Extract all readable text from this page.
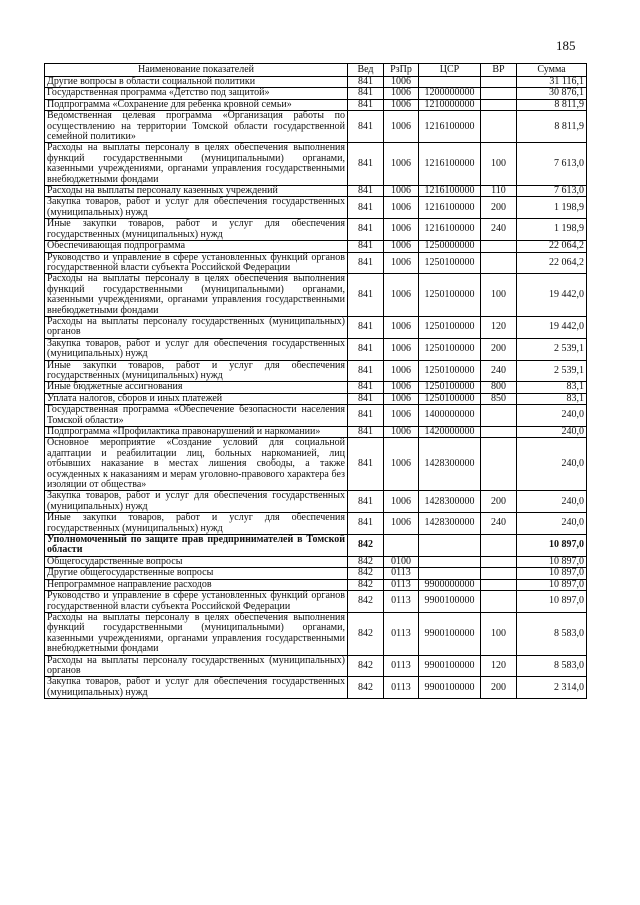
185
Наименование показателей	Вед	РзПр	ЦСР	ВР	Сумма
Другие вопросы в области социальной политики	841	1006			31 116,1
Государственная программа «Детство под защитой»	841	1006	1200000000		30 876,1
Подпрограмма «Сохранение для ребенка кровной семьи»	841	1006	1210000000		8 811,9
Ведомственная целевая программа «Организация работы по осуществлению на территории Томской области государственной семейной политики»	841	1006	1216100000		8 811,9
Расходы на выплаты персоналу в целях обеспечения выполнения функций государственными (муниципальными) органами, казенными учреждениями, органами управления государственными внебюджетными фондами	841	1006	1216100000	100	7 613,0
Расходы на выплаты персоналу казенных учреждений	841	1006	1216100000	110	7 613,0
Закупка товаров, работ и услуг для обеспечения государственных (муниципальных) нужд	841	1006	1216100000	200	1 198,9
Иные закупки товаров, работ и услуг для обеспечения государственных (муниципальных) нужд	841	1006	1216100000	240	1 198,9
Обеспечивающая подпрограмма	841	1006	1250000000		22 064,2
Руководство и управление в сфере установленных функций органов государственной власти субъекта Российской Федерации	841	1006	1250100000		22 064,2
Расходы на выплаты персоналу в целях обеспечения выполнения функций государственными (муниципальными) органами, казенными учреждениями, органами управления государственными внебюджетными фондами	841	1006	1250100000	100	19 442,0
Расходы на выплаты персоналу государственных (муниципальных) органов	841	1006	1250100000	120	19 442,0
Закупка товаров, работ и услуг для обеспечения государственных (муниципальных) нужд	841	1006	1250100000	200	2 539,1
Иные закупки товаров, работ и услуг для обеспечения государственных (муниципальных) нужд	841	1006	1250100000	240	2 539,1
Иные бюджетные ассигнования	841	1006	1250100000	800	83,1
Уплата налогов, сборов и иных платежей	841	1006	1250100000	850	83,1
Государственная программа «Обеспечение безопасности населения Томской области»	841	1006	1400000000		240,0
Подпрограмма «Профилактика правонарушений и наркомании»	841	1006	1420000000		240,0
Основное мероприятие «Создание условий для социальной адаптации и реабилитации лиц, больных наркоманией, лиц отбывших наказание в местах лишения свободы, а также осужденных к наказаниям и мерам уголовно-правового характера без изоляции от общества»	841	1006	1428300000		240,0
Закупка товаров, работ и услуг для обеспечения государственных (муниципальных) нужд	841	1006	1428300000	200	240,0
Иные закупки товаров, работ и услуг для обеспечения государственных (муниципальных) нужд	841	1006	1428300000	240	240,0
Уполномоченный по защите прав предпринимателей в Томской области	842				10 897,0
Общегосударственные вопросы	842	0100			10 897,0
Другие общегосударственные вопросы	842	0113			10 897,0
Непрограммное направление расходов	842	0113	9900000000		10 897,0
Руководство и управление в сфере установленных функций органов государственной власти субъекта Российской Федерации	842	0113	9900100000		10 897,0
Расходы на выплаты персоналу в целях обеспечения выполнения функций государственными (муниципальными) органами, казенными учреждениями, органами управления государственными внебюджетными фондами	842	0113	9900100000	100	8 583,0
Расходы на выплаты персоналу государственных (муниципальных) органов	842	0113	9900100000	120	8 583,0
Закупка товаров, работ и услуг для обеспечения государственных (муниципальных) нужд	842	0113	9900100000	200	2 314,0
